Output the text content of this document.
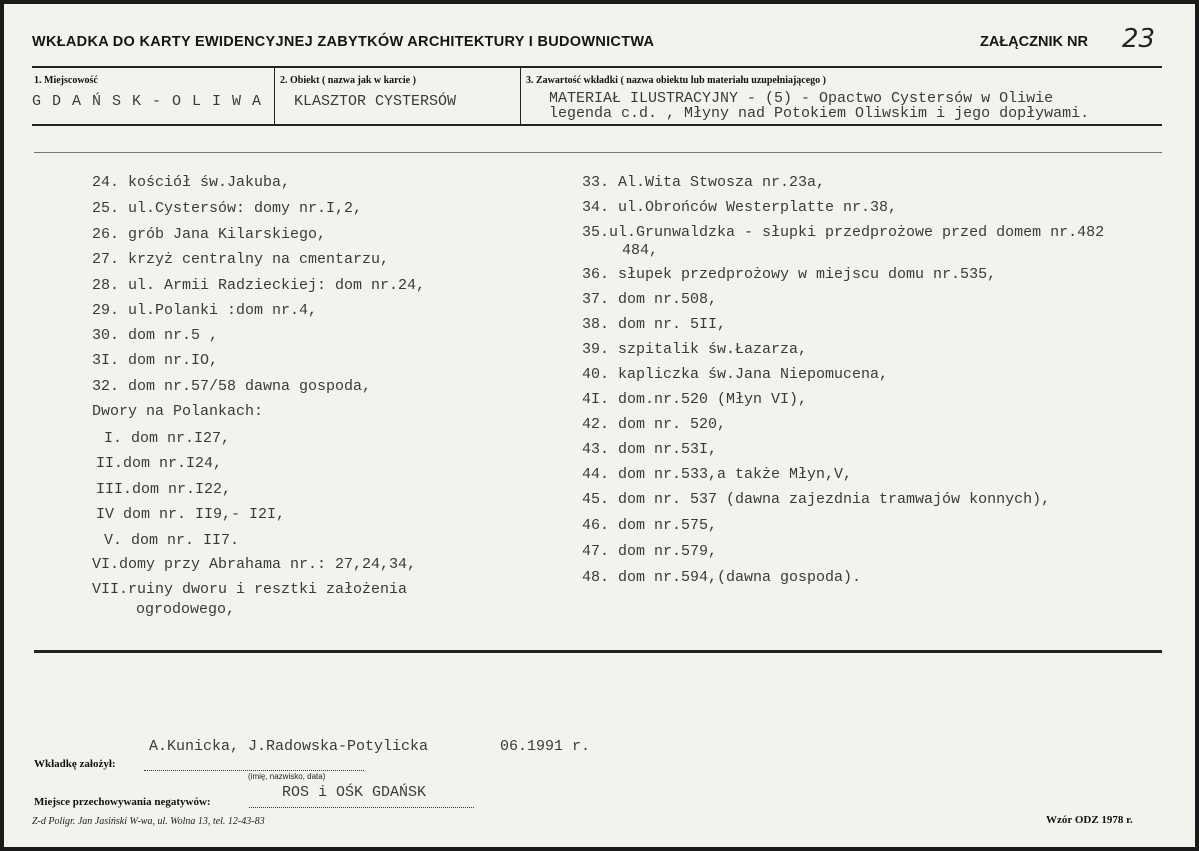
WKŁADKA DO KARTY EWIDENCYJNEJ ZABYTKÓW ARCHITEKTURY I BUDOWNICTWA	ZAŁĄCZNIK NR 23
1. Miejscowość
G D A Ń S K - O L I W A
2. Obiekt ( nazwa jak w karcie )
KLASZTOR CYSTERSÓW
3. Zawartość wkładki ( nazwa obiektu lub materiału uzupełniającego )
MATERIAŁ ILUSTRACYJNY - (5) - Opactwo Cystersów w Oliwie
legenda c.d. , Młyny nad Potokiem Oliwskim i jego dopływami.
24. kościół św.Jakuba,
25. ul.Cystersów: domy nr.I,2,
26. grób Jana Kilarskiego,
27. krzyż centralny na cmentarzu,
28. ul. Armii Radzieckiej: dom nr.24,
29. ul.Polanki :dom nr.4,
30. dom nr.5 ,
3I. dom nr.IO,
32. dom nr.57/58 dawna gospoda,
Dwory na Polankach:
I. dom nr.I27,
II.dom nr.I24,
III.dom nr.I22,
IV dom nr. II9,- I2I,
V. dom nr. II7.
VI.domy przy Abrahama nr.: 27,24,34,
VII.ruiny dworu i resztki założenia
ogrodowego,
33. Al.Wita Stwosza nr.23a,
34. ul.Obrońców Westerplatte nr.38,
35.ul.Grunwaldzka - słupki przedprożowe przed domem nr.482
484,
36. słupek przedprożowy w miejscu domu nr.535,
37. dom nr.508,
38. dom nr. 5II,
39. szpitalik św.Łazarza,
40. kapliczka św.Jana Niepomucena,
4I. dom.nr.520 (Młyn VI),
42. dom nr. 520,
43. dom nr.53I,
44. dom nr.533,a także Młyn,V,
45. dom nr. 537 (dawna zajezdnia tramwajów konnych),
46. dom nr.575,
47. dom nr.579,
48. dom nr.594,(dawna gospoda).
A.Kunicka, J.Radowska-Potylicka	06.1991 r.
Wkładkę założył:
(imię, nazwisko, data)
ROS i OŚK GDAŃSK
Miejsce przechowywania negatywów:
Z-d Poligr. Jan Jasiński W-wa, ul. Wolna 13, tel. 12-43-83	Wzór ODZ 1978 r.
